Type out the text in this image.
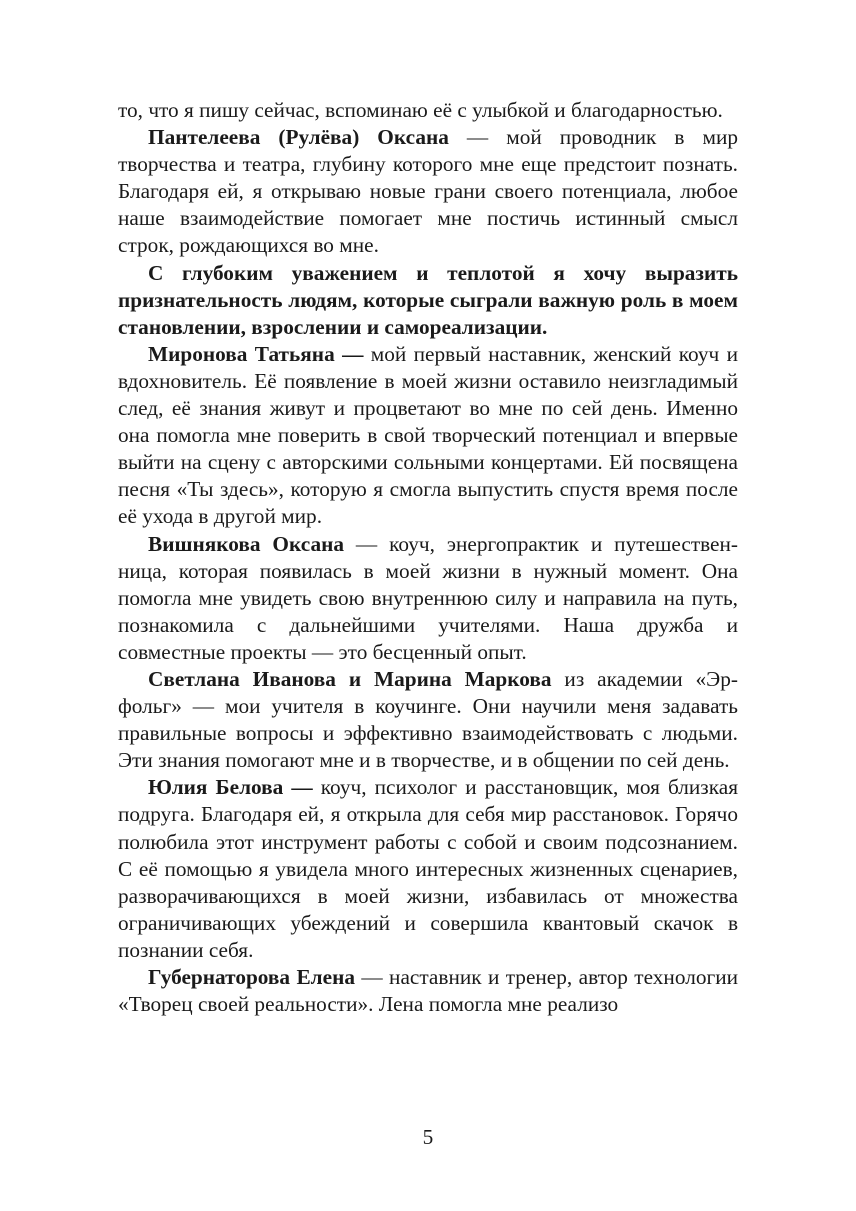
то, что я пишу сейчас, вспоминаю её с улыбкой и благодарностью.

Пантелеева (Рулёва) Оксана — мой проводник в мир творчества и театра, глубину которого мне еще предстоит познать. Благодаря ей, я открываю новые грани своего потенциала, любое наше взаимодействие помогает мне постичь истинный смысл строк, рождающихся во мне.

С глубоким уважением и теплотой я хочу выразить признательность людям, которые сыграли важную роль в моем становлении, взрослении и самореализации.

Миронова Татьяна — мой первый наставник, женский коуч и вдохновитель. Её появление в моей жизни оставило неизгладимый след, её знания живут и процветают во мне по сей день. Именно она помогла мне поверить в свой творческий потенциал и впервые выйти на сцену с авторскими сольными концертами. Ей посвящена песня «Ты здесь», которую я смогла выпустить спустя время после её ухода в другой мир.

Вишнякова Оксана — коуч, энергопрактик и путешественница, которая появилась в моей жизни в нужный момент. Она помогла мне увидеть свою внутреннюю силу и направила на путь, познакомила с дальнейшими учителями. Наша дружба и совместные проекты — это бесценный опыт.

Светлана Иванова и Марина Маркова из академии «Эрфольг» — мои учителя в коучинге. Они научили меня задавать правильные вопросы и эффективно взаимодействовать с людьми. Эти знания помогают мне и в творчестве, и в общении по сей день.

Юлия Белова — коуч, психолог и расстановщик, моя близкая подруга. Благодаря ей, я открыла для себя мир расстановок. Горячо полюбила этот инструмент работы с собой и своим подсознанием. С её помощью я увидела много интересных жизненных сценариев, разворачивающихся в моей жизни, избавилась от множества ограничивающих убеждений и совершила квантовый скачок в познании себя.

Губернаторова Елена — наставник и тренер, автор технологии «Творец своей реальности». Лена помогла мне реализо

5
